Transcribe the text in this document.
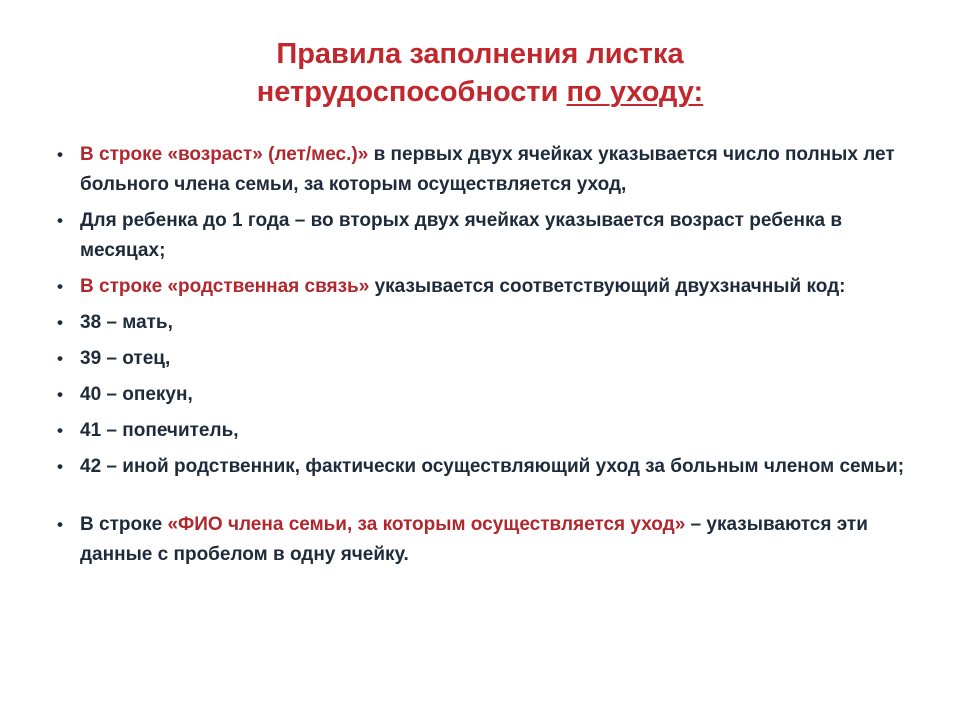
Правила заполнения листка
нетрудоспособности по уходу:
• В строке «возраст» (лет/мес.)» в первых двух ячейках указывается число полных лет больного члена семьи, за которым осуществляется уход,
• Для ребенка до 1 года – во вторых двух ячейках указывается возраст ребенка в месяцах;
• В строке «родственная связь» указывается соответствующий двухзначный код:
• 38 – мать,
• 39 – отец,
• 40 – опекун,
• 41 – попечитель,
• 42 – иной родственник, фактически осуществляющий уход за больным членом семьи;
• В строке «ФИО члена семьи, за которым осуществляется уход» – указываются эти данные с пробелом в одну ячейку.
